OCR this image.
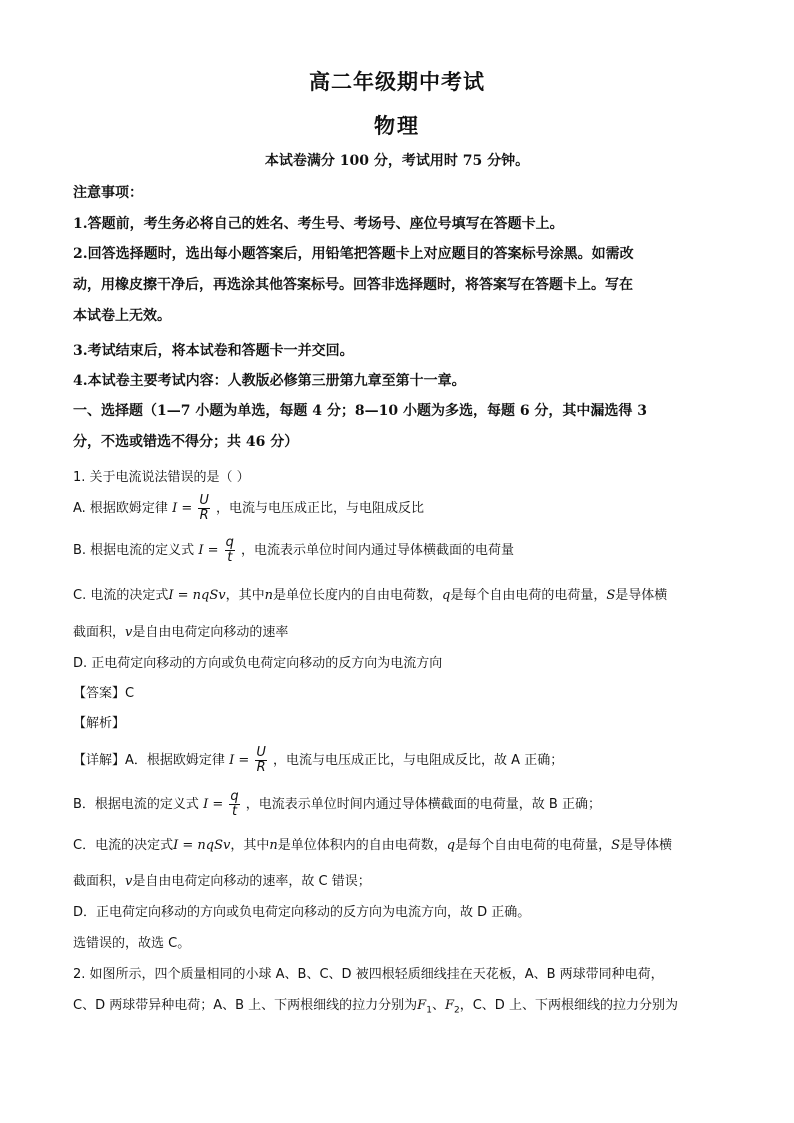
高二年级期中考试
物理
本试卷满分 100 分，考试用时 75 分钟。
注意事项：
1.答题前，考生务必将自己的姓名、考生号、考场号、座位号填写在答题卡上。
2.回答选择题时，选出每小题答案后，用铅笔把答题卡上对应题目的答案标号涂黑。如需改
动，用橡皮擦干净后，再选涂其他答案标号。回答非选择题时，将答案写在答题卡上。写在
本试卷上无效。
3.考试结束后，将本试卷和答题卡一并交回。
4.本试卷主要考试内容：人教版必修第三册第九章至第十一章。
一、选择题（1—7 小题为单选，每题 4 分；8—10 小题为多选，每题 6 分，其中漏选得 3
分，不选或错选不得分；共 46 分）
1. 关于电流说法错误的是（ ）
A. 根据欧姆定律 $I = \frac{U}{R}$ ，电流与电压成正比，与电阻成反比
B. 根据电流的定义式 $I = \frac{q}{t}$ ，电流表示单位时间内通过导体横截面的电荷量
C. 电流的决定式I = nqSv，其中n是单位长度内的自由电荷数，q是每个自由电荷的电荷量，S是导体横
截面积，v是自由电荷定向移动的速率
D. 正电荷定向移动的方向或负电荷定向移动的反方向为电流方向
【答案】C
【解析】
【详解】A．根据欧姆定律 $I = \frac{U}{R}$ ，电流与电压成正比，与电阻成反比，故 A 正确；
B．根据电流的定义式 $I = \frac{q}{t}$ ，电流表示单位时间内通过导体横截面的电荷量，故 B 正确；
C．电流的决定式I = nqSv，其中n是单位体积内的自由电荷数，q是每个自由电荷的电荷量，S是导体横
截面积，v是自由电荷定向移动的速率，故 C 错误；
D．正电荷定向移动的方向或负电荷定向移动的反方向为电流方向，故 D 正确。
选错误的，故选 C。
2. 如图所示，四个质量相同的小球 A、B、C、D 被四根轻质细线挂在天花板，A、B 两球带同种电荷，
C、D 两球带异种电荷；A、B 上、下两根细线的拉力分别为$F_1$、$F_2$，C、D 上、下两根细线的拉力分别为
